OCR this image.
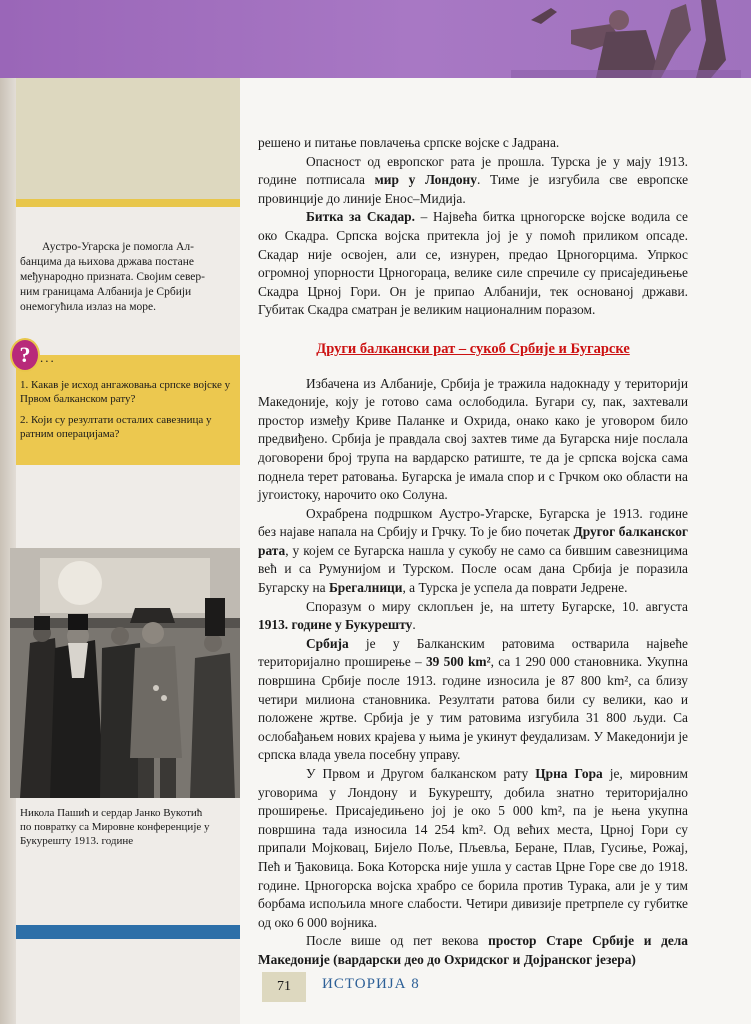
Аустро-Угарска је помогла Ал-
банцима да њихова држава постане
међународно призната. Својим север-
ним границама Албанија је Србији
онемогућила излаз на море.
? ...

1. Какав је исход ангажовања српске војске у Првом балканском рату?

2. Који су резултати осталих савезница у ратним операцијама?

Никола Пашић и сердар Јанко Вукотић
по повратку са Мировне конференције у
Букурешту 1913. године

решено и питање повлачења српске војске с Јадрана.

Опасност од европског рата је прошла. Турска је у мају 1913. године потписала мир у Лондону. Тиме је изгубила све европске провинције до линије Енос–Мидија.

Битка за Скадар. – Највећа битка црногорске војске водила се око Скадра. Српска војска притекла јој је у помоћ приликом опсаде. Скадар није освојен, али се, изнурен, предао Црногорцима. Упркос огромној упорности Црногораца, велике силе спречиле су присаједињење Скадра Црној Гори. Он је припао Албанији, тек основаној држави. Губитак Скадра сматран је великим националним поразом.

Други балкански рат – сукоб Србије и Бугарске

Избачена из Албаније, Србија је тражила надокнаду у територији Македоније, коју је готово сама ослободила. Бугари су, пак, захтевали простор између Криве Паланке и Охрида, онако како је уговором било предвиђено. Србија је правдала свој захтев тиме да Бугарска није послала договорени број трупа на вардарско ратиште, те да је српска војска сама поднела терет ратовања. Бугарска је имала спор и с Грчком око области на југоистоку, нарочито око Солуна.

Охрабрена подршком Аустро-Угарске, Бугарска је 1913. године без најаве напала на Србију и Грчку. То је био почетак Другог балканског рата, у којем се Бугарска нашла у сукобу не само са бившим савезницима већ и са Румунијом и Турском. После осам дана Србија је поразила Бугарску на Брегалници, а Турска је успела да поврати Једрене.

Споразум о миру склопљен је, на штету Бугарске, 10. августа 1913. године у Букурешту.

Србија је у Балканским ратовима остварила највеће територијално проширење – 39 500 km², са 1 290 000 становника. Укупна површина Србије после 1913. године износила је 87 800 km², са близу четири милиона становника. Резултати ратова били су велики, као и положене жртве. Србија је у тим ратовима изгубила 31 800 људи. Са ослобађањем нових крајева у њима је укинут феудализам. У Македонији је српска влада увела посебну управу.

У Првом и Другом балканском рату Црна Гора је, мировним уговорима у Лондону и Букурешту, добила знатно територијално проширење. Присаједињено јој је око 5 000 km², па је њена укупна површина тада износила 14 254 km². Од већих места, Црној Гори су припали Мојковац, Бијело Поље, Пљевља, Беране, Плав, Гусиње, Рожај, Пећ и Ђаковица. Бока Которска није ушла у састав Црне Горе све до 1918. године. Црногорска војска храбро се борила против Турака, али је у тим борбама испољила многе слабости. Четири дивизије претрпеле су губитке од око 6 000 војника.

После више од пет векова простор Старе Србије и дела Македоније (вардарски део до Охридског и Дојранског језера)

71	ИСТОРИЈА 8
